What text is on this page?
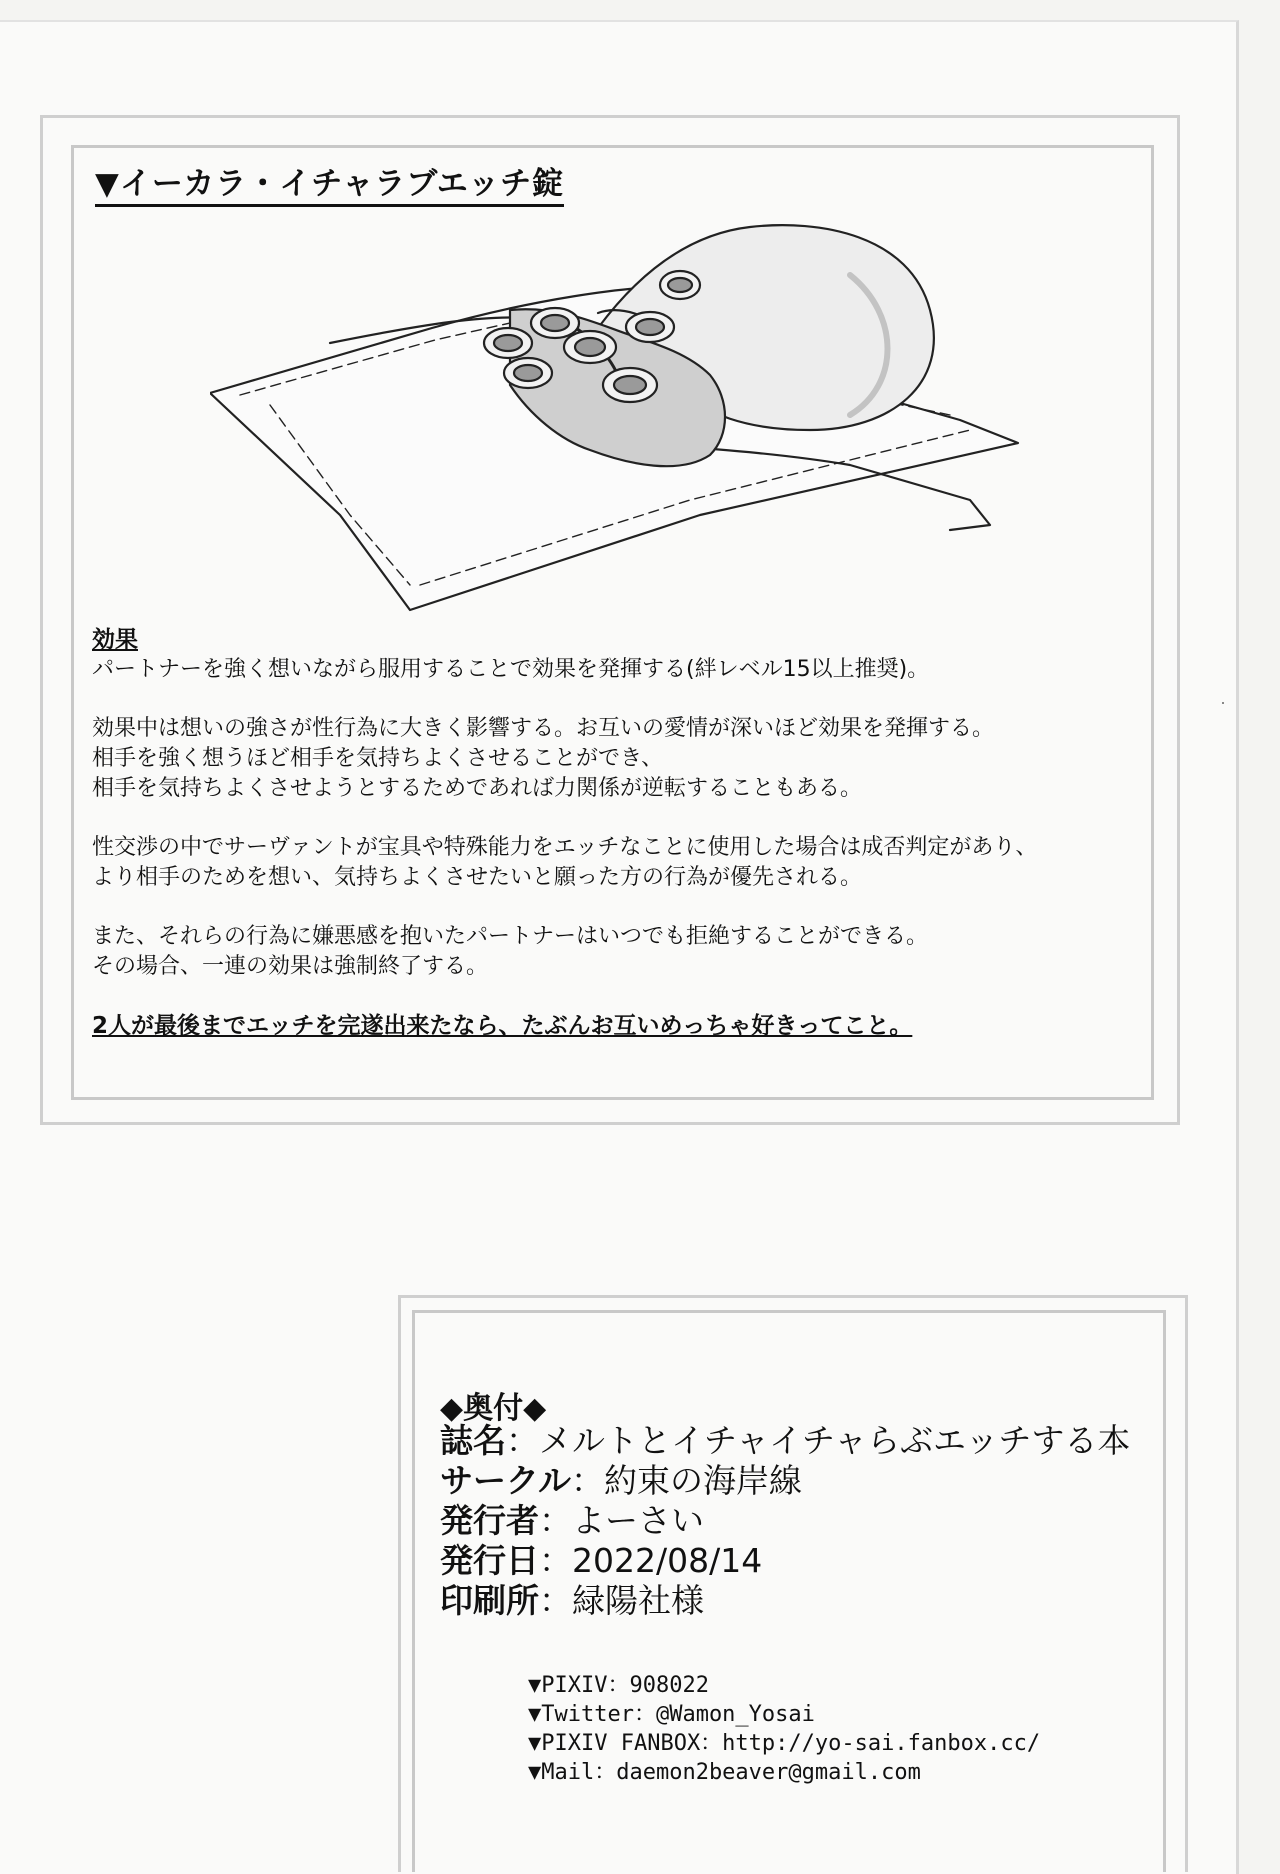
▼イーカラ・イチャラブエッチ錠
効果

パートナーを強く想いながら服用することで効果を発揮する(絆レベル15以上推奨)。

効果中は想いの強さが性行為に大きく影響する。お互いの愛情が深いほど効果を発揮する。

相手を強く想うほど相手を気持ちよくさせることができ、

相手を気持ちよくさせようとするためであれば力関係が逆転することもある。

性交渉の中でサーヴァントが宝具や特殊能力をエッチなことに使用した場合は成否判定があり、

より相手のためを想い、気持ちよくさせたいと願った方の行為が優先される。

また、それらの行為に嫌悪感を抱いたパートナーはいつでも拒絶することができる。

その場合、一連の効果は強制終了する。

2人が最後までエッチを完遂出来たなら、たぶんお互いめっちゃ好きってこと。
◆奥付◆
誌名：メルトとイチャイチャらぶエッチする本
サークル：約束の海岸線
発行者：よーさい
発行日：2022/08/14
印刷所：緑陽社様
▼PIXIV：908022
▼Twitter：@Wamon_Yosai
▼PIXIV FANBOX：http://yo-sai.fanbox.cc/
▼Mail：daemon2beaver@gmail.com
